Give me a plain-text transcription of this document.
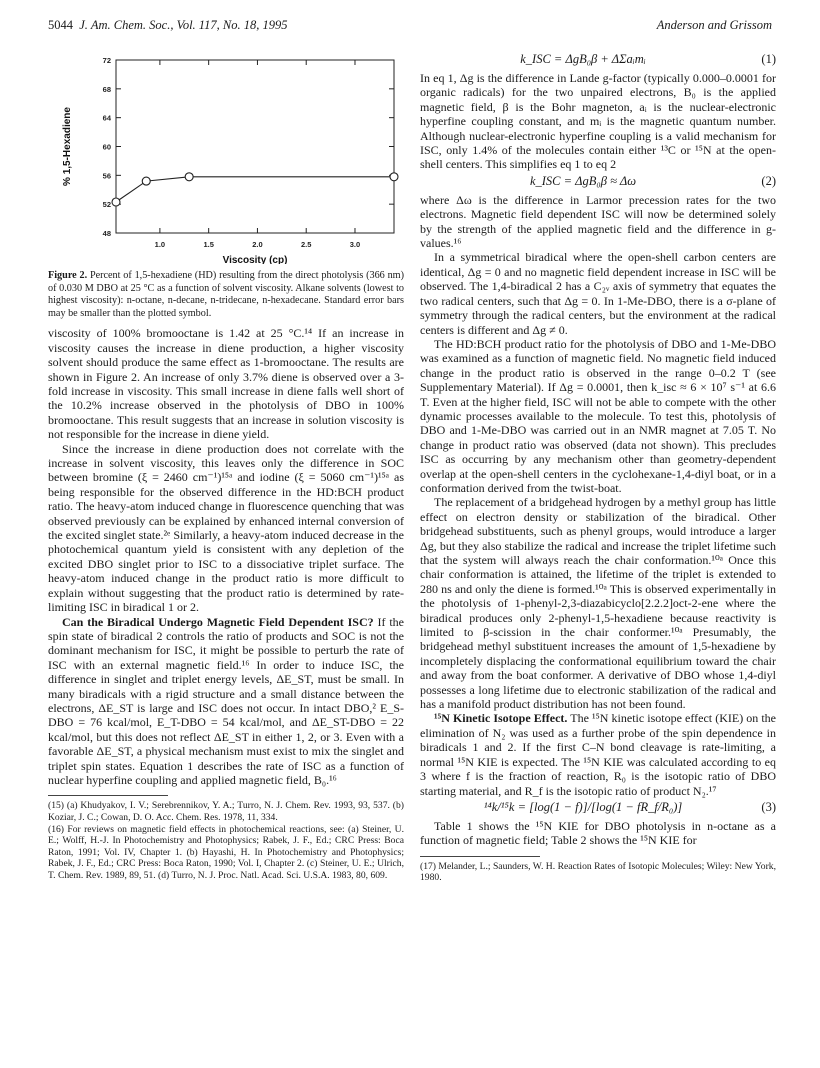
5044 J. Am. Chem. Soc., Vol. 117, No. 18, 1995	Anderson and Grissom
1.0	1.5	2.0	2.5	3.0
48
52
56
60
64
68
72
Viscosity (cp)
% 1,5-Hexadiene
Figure 2. Percent of 1,5-hexadiene (HD) resulting from the direct photolysis (366 nm) of 0.030 M DBO at 25 °C as a function of solvent viscosity. Alkane solvents (lowest to highest viscosity): n-octane, n-decane, n-tridecane, n-hexadecane. Standard error bars may be smaller than the plotted symbol.

viscosity of 100% bromooctane is 1.42 at 25 °C.¹⁴ If an increase in viscosity causes the increase in diene production, a higher viscosity solvent should produce the same effect as 1-bromooctane. The results are shown in Figure 2. An increase of only 3.7% diene is observed over a 3-fold increase in viscosity. This small increase in diene falls well short of the 10.2% increase observed in the photolysis of DBO in 100% bromooctane. This result suggests that an increase in solution viscosity is not responsible for the increase in diene yield.

Since the increase in diene production does not correlate with the increase in solvent viscosity, this leaves only the difference in SOC between bromine (ξ = 2460 cm⁻¹)¹⁵ᵃ and iodine (ξ = 5060 cm⁻¹)¹⁵ᵃ as being responsible for the observed difference in the HD:BCH product ratio. The heavy-atom induced change in fluorescence quenching that was observed previously can be explained by enhanced internal conversion of the excited singlet state.²ᵉ Similarly, a heavy-atom induced decrease in the photochemical quantum yield is consistent with any depletion of the excited DBO singlet prior to ISC to a dissociative triplet surface. The heavy-atom induced change in the product ratio is more difficult to explain without suggesting that the product ratio is determined by rate-limiting ISC in biradical 1 or 2.

Can the Biradical Undergo Magnetic Field Dependent ISC? If the spin state of biradical 2 controls the ratio of products and SOC is not the dominant mechanism for ISC, it might be possible to perturb the rate of ISC with an external magnetic field.¹⁶ In order to induce ISC, the difference in singlet and triplet energy levels, ΔE_ST, must be small. In many biradicals with a rigid structure and a small distance between the electrons, ΔE_ST is large and ISC does not occur. In intact DBO,² E_S-DBO = 76 kcal/mol, E_T-DBO = 54 kcal/mol, and ΔE_ST-DBO = 22 kcal/mol, but this does not reflect ΔE_ST in either 1, 2, or 3. Even with a favorable ΔE_ST, a physical mechanism must exist to mix the singlet and triplet spin states. Equation 1 describes the rate of ISC as a function of nuclear hyperfine coupling and applied magnetic field, B₀.¹⁶

(15) (a) Khudyakov, I. V.; Serebrennikov, Y. A.; Turro, N. J. Chem. Rev. 1993, 93, 537. (b) Koziar, J. C.; Cowan, D. O. Acc. Chem. Res. 1978, 11, 334.
(16) For reviews on magnetic field effects in photochemical reactions, see: (a) Steiner, U. E.; Wolff, H.-J. In Photochemistry and Photophysics; Rabek, J. F., Ed.; CRC Press: Boca Raton, 1991; Vol. IV, Chapter 1. (b) Hayashi, H. In Photochemistry and Photophysics; Rabek, J. F., Ed.; CRC Press: Boca Raton, 1990; Vol. I, Chapter 2. (c) Steiner, U. E.; Ulrich, T. Chem. Rev. 1989, 89, 51. (d) Turro, N. J. Proc. Natl. Acad. Sci. U.S.A. 1983, 80, 609.
k_ISC = ΔgB₀β + ΔΣaᵢmᵢ	(1)

In eq 1, Δg is the difference in Lande g-factor (typically 0.000–0.0001 for organic radicals) for the two unpaired electrons, B₀ is the applied magnetic field, β is the Bohr magneton, aᵢ is the nuclear-electronic hyperfine coupling constant, and mᵢ is the magnetic quantum number. Although nuclear-electronic hyperfine coupling is a valid mechanism for ISC, only 1.4% of the molecules contain either ¹³C or ¹⁵N at the open-shell centers. This simplifies eq 1 to eq 2

k_ISC = ΔgB₀β ≈ Δω	(2)

where Δω is the difference in Larmor precession rates for the two electrons. Magnetic field dependent ISC will now be determined solely by the strength of the applied magnetic field and the difference in g-values.¹⁶

In a symmetrical biradical where the open-shell carbon centers are identical, Δg = 0 and no magnetic field dependent increase in ISC will be observed. The 1,4-biradical 2 has a C₂ᵥ axis of symmetry that equates the two radical centers, such that Δg = 0. In 1-Me-DBO, there is a σ-plane of symmetry through the radical centers, but the environment at the radical centers is different and Δg ≠ 0.

The HD:BCH product ratio for the photolysis of DBO and 1-Me-DBO was examined as a function of magnetic field. No magnetic field induced change in the product ratio is observed in the range 0–0.2 T (see Supplementary Material). If Δg = 0.0001, then k_isc ≈ 6 × 10⁷ s⁻¹ at 6.6 T. Even at the higher field, ISC will not be able to compete with the other dynamic processes available to the molecule. To test this, photolysis of DBO and 1-Me-DBO was carried out in an NMR magnet at 7.05 T. No change in product ratio was observed (data not shown). This precludes ISC as occurring by any mechanism other than geometry-dependent overlap at the open-shell centers in the cyclohexane-1,4-diyl boat, or in a conformation derived from the twist-boat.

The replacement of a bridgehead hydrogen by a methyl group has little effect on electron density or stabilization of the biradical. Other bridgehead substituents, such as phenyl groups, would introduce a larger Δg, but they also stabilize the radical and increase the triplet lifetime such that the system will always reach the chair conformation.¹⁰ᵃ Once this chair conformation is attained, the lifetime of the triplet is extended to 280 ns and only the diene is formed.¹⁰ᵃ This is observed experimentally in the photolysis of 1-phenyl-2,3-diazabicyclo[2.2.2]oct-2-ene where the biradical produces only 2-phenyl-1,5-hexadiene because reactivity is limited to β-scission in the chair conformer.¹⁰ᵃ Presumably, the bridgehead methyl substituent increases the amount of 1,5-hexadiene by incompletely displacing the conformational equilibrium toward the chair and away from the boat conformer. A derivative of DBO whose 1,4-diyl possesses a long lifetime due to electronic stabilization of the radical and has a manifold product distribution has not been found.

¹⁵N Kinetic Isotope Effect. The ¹⁵N kinetic isotope effect (KIE) on the elimination of N₂ was used as a further probe of the spin dependence in biradicals 1 and 2. If the first C–N bond cleavage is rate-limiting, a normal ¹⁵N KIE is expected. The ¹⁵N KIE was calculated according to eq 3 where f is the fraction of reaction, R₀ is the isotopic ratio of DBO starting material, and R_f is the isotopic ratio of product N₂.¹⁷

¹⁴k/¹⁵k = [log(1 − f)]/[log(1 − fR_f/R₀)]	(3)

Table 1 shows the ¹⁵N KIE for DBO photolysis in n-octane as a function of magnetic field; Table 2 shows the ¹⁵N KIE for

(17) Melander, L.; Saunders, W. H. Reaction Rates of Isotopic Molecules; Wiley: New York, 1980.
